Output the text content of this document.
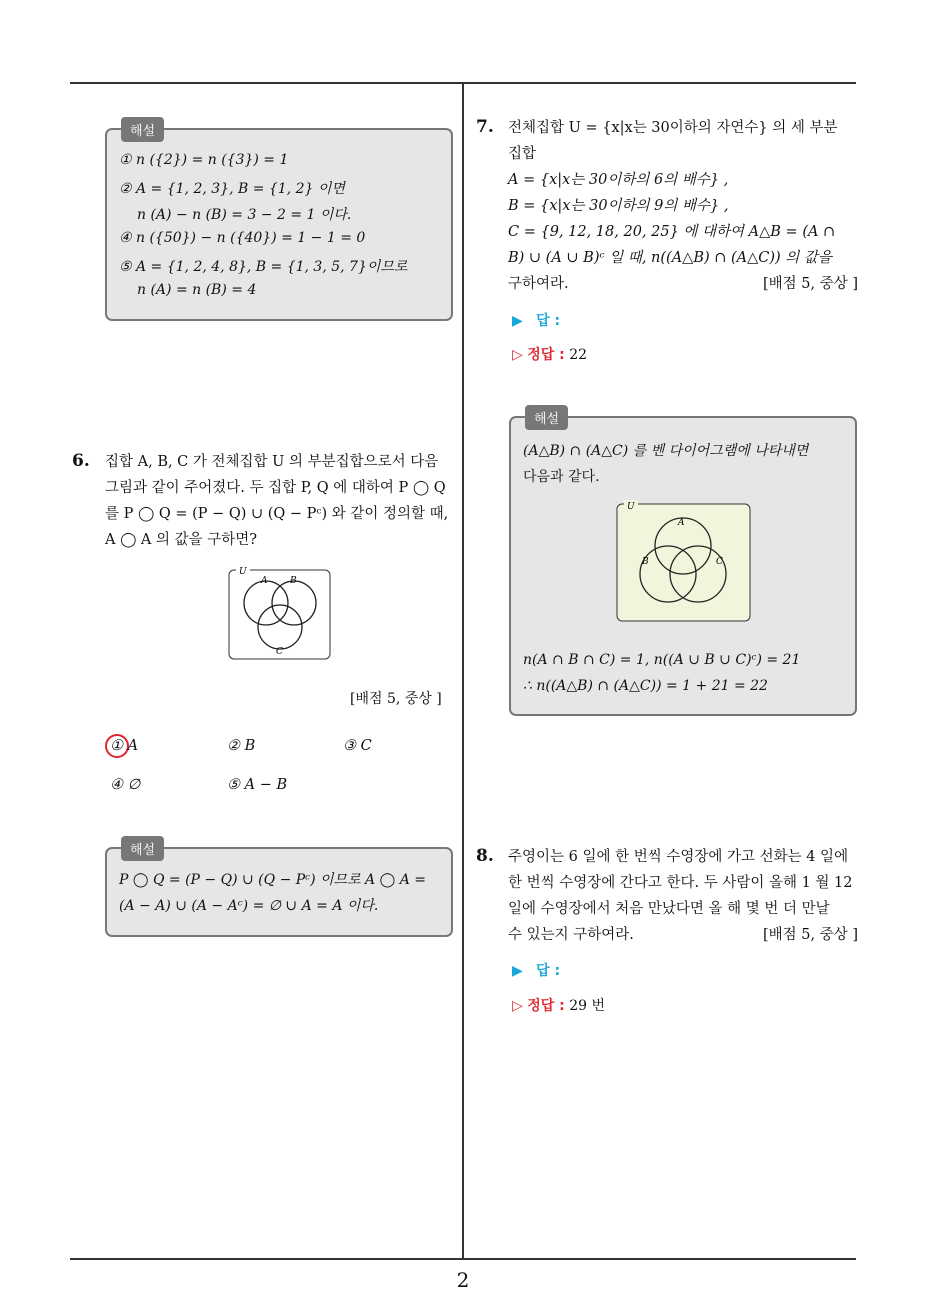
2
해설
① n ({2}) = n ({3}) = 1
② A = {1, 2, 3}, B = {1, 2} 이면
n (A) − n (B) = 3 − 2 = 1 이다.
④ n ({50}) − n ({40}) = 1 − 1 = 0
⑤ A = {1, 2, 4, 8}, B = {1, 3, 5, 7}이므로
n (A) = n (B) = 4
6. 집합 A, B, C 가 전체집합 U 의 부분집합으로서 다음
그림과 같이 주어졌다. 두 집합 P, Q 에 대하여 P ◯ Q
를 P ◯ Q = (P − Q) ∪ (Q − Pᶜ) 와 같이 정의할 때,
A ◯ A 의 값을 구하면?
U
A	B
C
[배점 5, 중상 ]
① A	② B	③ C
④ ∅	⑤ A − B
해설
P ◯ Q = (P − Q) ∪ (Q − Pᶜ) 이므로 A ◯ A =
(A − A) ∪ (A − Aᶜ) = ∅ ∪ A = A 이다.
7. 전체집합 U = {x|x는 30이하의 자연수} 의 세 부분
집합
A = {x|x는 30이하의 6의 배수} ,
B = {x|x는 30이하의 9의 배수} ,
C = {9, 12, 18, 20, 25} 에 대하여 A△B = (A ∩
B) ∪ (A ∪ B)ᶜ 일 때, n((A△B) ∩ (A△C)) 의 값을
구하여라.	[배점 5, 중상 ]
▶ 답 :
▷ 정답 : 22
해설
(A△B) ∩ (A△C) 를 벤 다이어그램에 나타내면
다음과 같다.
U
A
B	C
n(A ∩ B ∩ C) = 1, n((A ∪ B ∪ C)ᶜ) = 21
∴ n((A△B) ∩ (A△C)) = 1 + 21 = 22
8. 주영이는 6 일에 한 번씩 수영장에 가고 선화는 4 일에
한 번씩 수영장에 간다고 한다. 두 사람이 올해 1 월 12
일에 수영장에서 처음 만났다면 올 해 몇 번 더 만날
수 있는지 구하여라.	[배점 5, 중상 ]
▶ 답 :
▷ 정답 : 29 번
